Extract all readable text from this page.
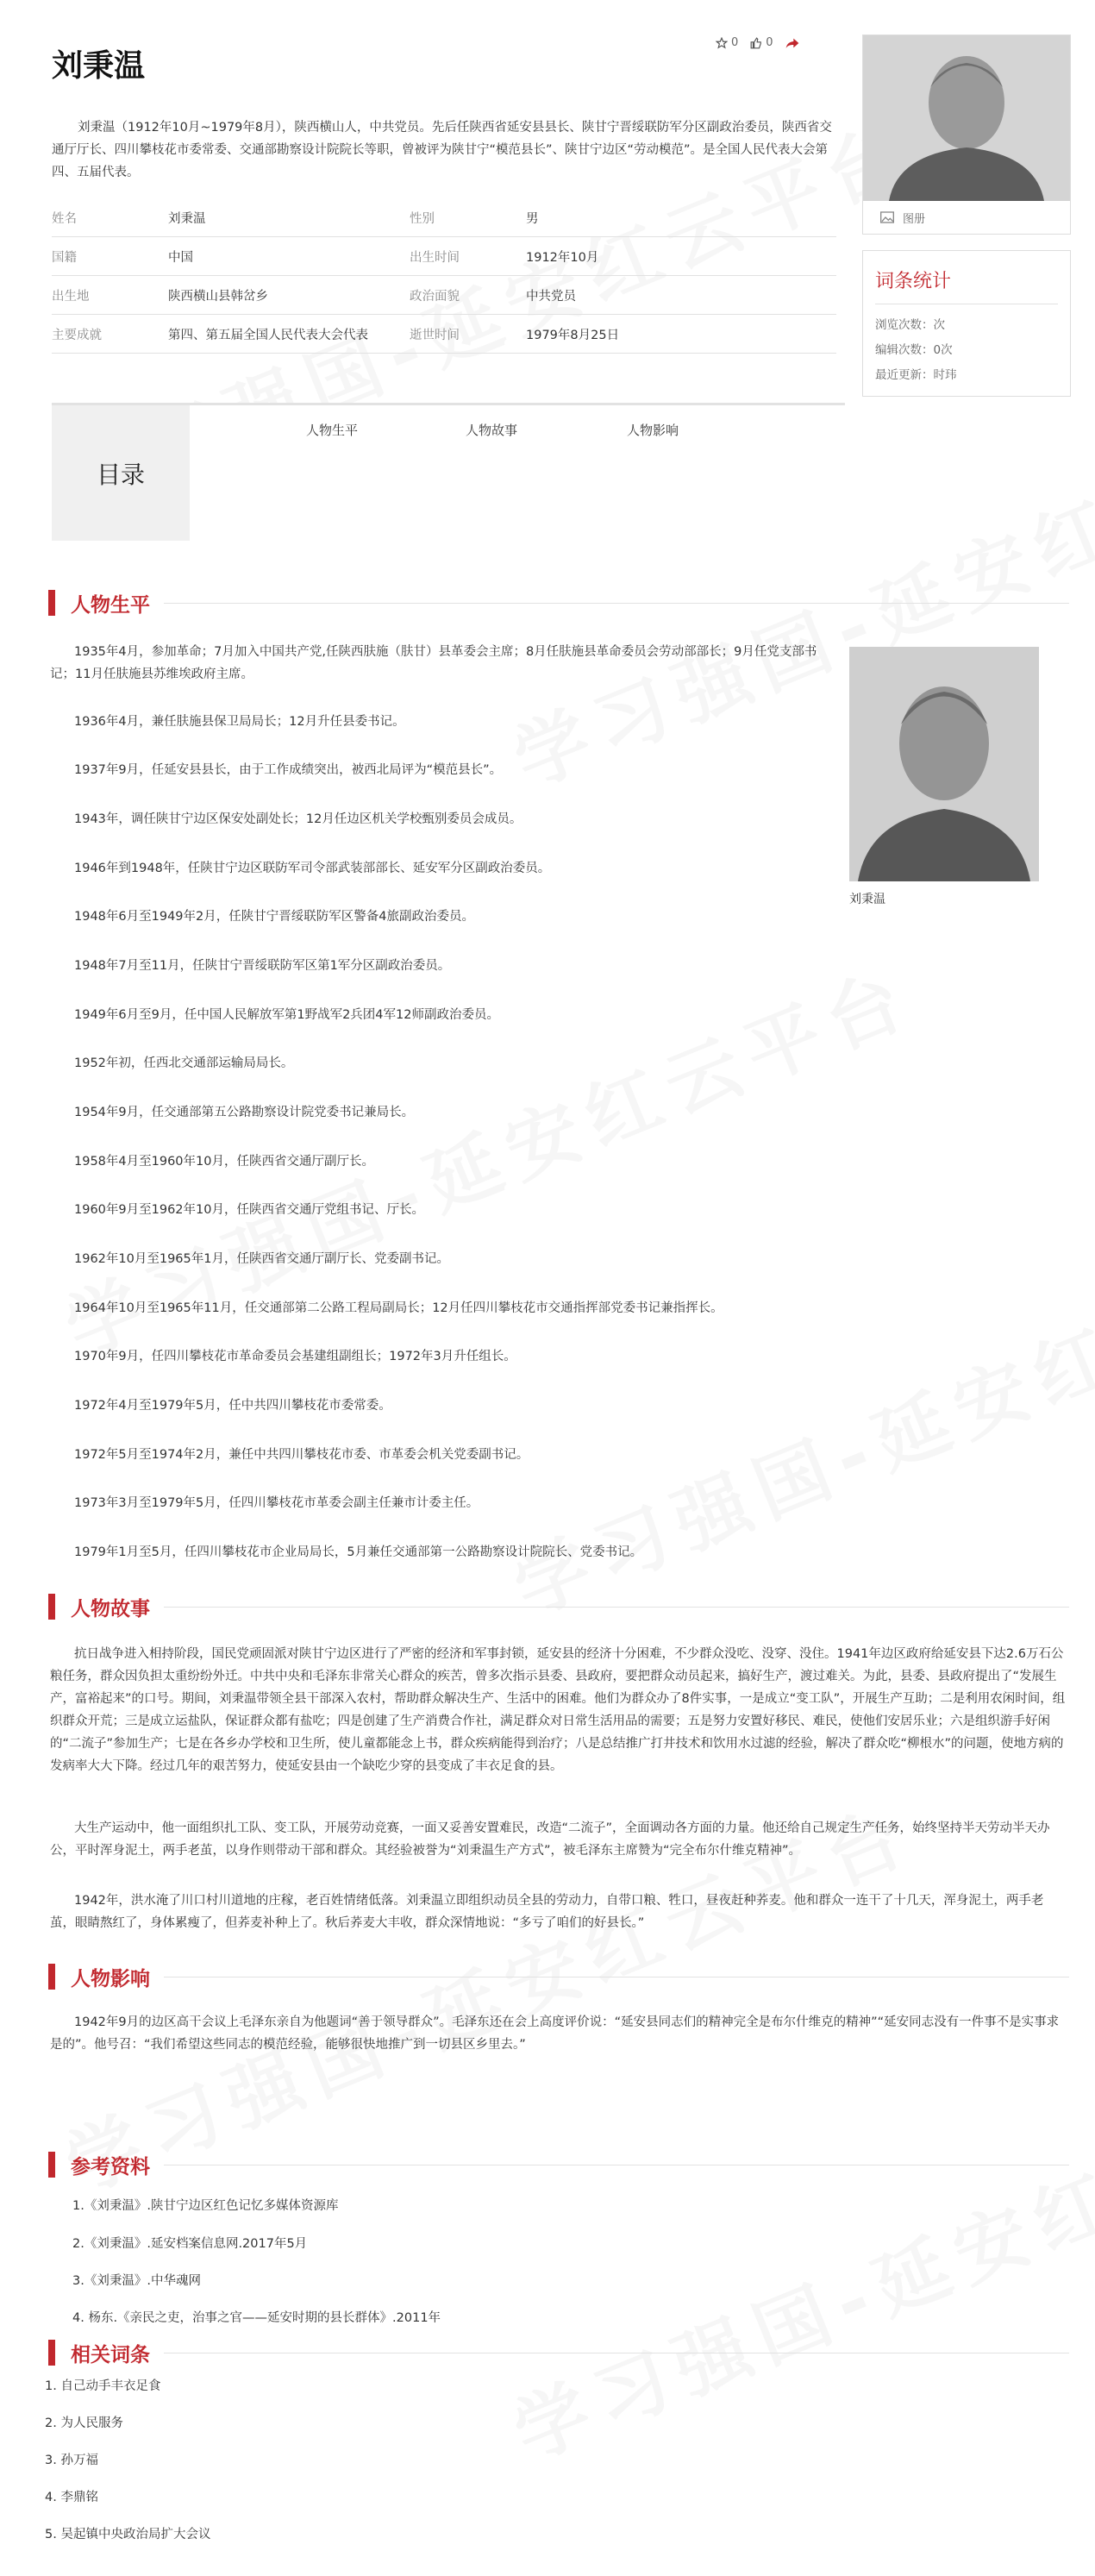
刘秉温
0 0

刘秉温（1912年10月~1979年8月），陕西横山人，中共党员。先后任陕西省延安县县长、陕甘宁晋绥联防军分区副政治委员，陕西省交通厅厅长、四川攀枝花市委常委、交通部勘察设计院院长等职，曾被评为陕甘宁“模范县长”、陕甘宁边区“劳动模范”。是全国人民代表大会第四、五届代表。

姓名	刘秉温	性别	男
国籍	中国	出生时间	1912年10月
出生地	陕西横山县韩岔乡	政治面貌	中共党员
主要成就	第四、第五届全国人民代表大会代表	逝世时间	1979年8月25日
图册
词条统计
浏览次数：次
编辑次数：0次
最近更新：时玮
目录
人物生平	人物故事	人物影响
人物生平

1935年4月，参加革命；7月加入中国共产党,任陕西肤施（肤甘）县革委会主席；8月任肤施县革命委员会劳动部部长；9月任党支部书记；11月任肤施县苏维埃政府主席。

1936年4月，兼任肤施县保卫局局长；12月升任县委书记。

1937年9月，任延安县县长，由于工作成绩突出，被西北局评为“模范县长”。

1943年，调任陕甘宁边区保安处副处长；12月任边区机关学校甄别委员会成员。

1946年到1948年，任陕甘宁边区联防军司令部武装部部长、延安军分区副政治委员。

1948年6月至1949年2月，任陕甘宁晋绥联防军区警备4旅副政治委员。

1948年7月至11月，任陕甘宁晋绥联防军区第1军分区副政治委员。

1949年6月至9月，任中国人民解放军第1野战军2兵团4军12师副政治委员。

1952年初，任西北交通部运输局局长。

1954年9月，任交通部第五公路勘察设计院党委书记兼局长。

1958年4月至1960年10月，任陕西省交通厅副厅长。

1960年9月至1962年10月，任陕西省交通厅党组书记、厅长。

1962年10月至1965年1月，任陕西省交通厅副厅长、党委副书记。

1964年10月至1965年11月，任交通部第二公路工程局副局长；12月任四川攀枝花市交通指挥部党委书记兼指挥长。

1970年9月，任四川攀枝花市革命委员会基建组副组长；1972年3月升任组长。

1972年4月至1979年5月，任中共四川攀枝花市委常委。

1972年5月至1974年2月，兼任中共四川攀枝花市委、市革委会机关党委副书记。

1973年3月至1979年5月，任四川攀枝花市革委会副主任兼市计委主任。

1979年1月至5月，任四川攀枝花市企业局局长，5月兼任交通部第一公路勘察设计院院长、党委书记。

刘秉温
人物故事

抗日战争进入相持阶段，国民党顽固派对陕甘宁边区进行了严密的经济和军事封锁，延安县的经济十分困难，不少群众没吃、没穿、没住。1941年边区政府给延安县下达2.6万石公粮任务，群众因负担太重纷纷外迁。中共中央和毛泽东非常关心群众的疾苦，曾多次指示县委、县政府，要把群众动员起来，搞好生产，渡过难关。为此，县委、县政府提出了“发展生产，富裕起来”的口号。期间，刘秉温带领全县干部深入农村，帮助群众解决生产、生活中的困难。他们为群众办了8件实事，一是成立“变工队”，开展生产互助；二是利用农闲时间，组织群众开荒；三是成立运盐队，保证群众都有盐吃；四是创建了生产消费合作社，满足群众对日常生活用品的需要；五是努力安置好移民、难民，使他们安居乐业；六是组织游手好闲的“二流子”参加生产；七是在各乡办学校和卫生所，使儿童都能念上书，群众疾病能得到治疗；八是总结推广打井技术和饮用水过滤的经验，解决了群众吃“柳根水”的问题，使地方病的发病率大大下降。经过几年的艰苦努力，使延安县由一个缺吃少穿的县变成了丰衣足食的县。

大生产运动中，他一面组织扎工队、变工队，开展劳动竞赛，一面又妥善安置难民，改造“二流子”，全面调动各方面的力量。他还给自己规定生产任务，始终坚持半天劳动半天办公，平时浑身泥土，两手老茧，以身作则带动干部和群众。其经验被誉为“刘秉温生产方式”，被毛泽东主席赞为“完全布尔什维克精神”。

1942年，洪水淹了川口村川道地的庄稼，老百姓情绪低落。刘秉温立即组织动员全县的劳动力，自带口粮、牲口，昼夜赶种荞麦。他和群众一连干了十几天，浑身泥土，两手老茧，眼睛熬红了，身体累瘦了，但荞麦补种上了。秋后荞麦大丰收，群众深情地说：“多亏了咱们的好县长。”

人物影响

1942年9月的边区高干会议上毛泽东亲自为他题词“善于领导群众”。毛泽东还在会上高度评价说：“延安县同志们的精神完全是布尔什维克的精神”“延安同志没有一件事不是实事求是的”。他号召：“我们希望这些同志的模范经验，能够很快地推广到一切县区乡里去。”

参考资料
1.《刘秉温》.陕甘宁边区红色记忆多媒体资源库
2.《刘秉温》.延安档案信息网.2017年5月
3.《刘秉温》.中华魂网
4. 杨东.《亲民之吏，治事之官——延安时期的县长群体》.2011年
相关词条
1. 自己动手丰衣足食
2. 为人民服务
3. 孙万福
4. 李鼎铭
5. 吴起镇中央政治局扩大会议
